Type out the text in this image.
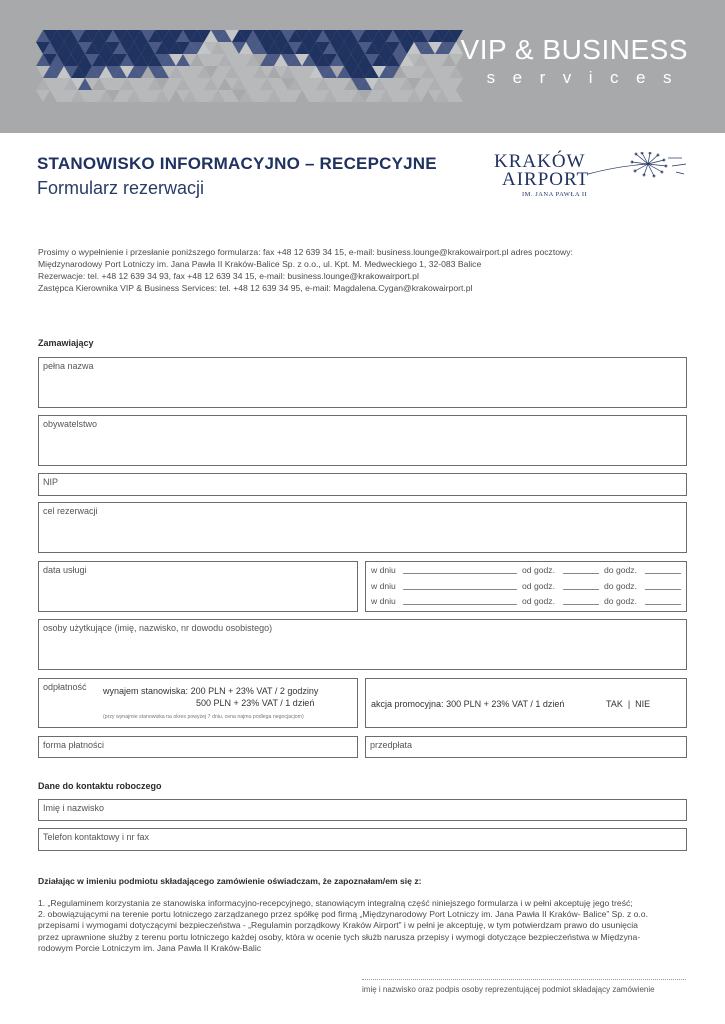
VIP & BUSINESS
services
STANOWISKO INFORMACYJNO – RECEPCYJNE
Formularz rezerwacji
KRAKÓW
AIRPORT
IM. JANA PAWŁA II
Prosimy o wypełnienie i przesłanie poniższego formularza: fax +48 12 639 34 15, e-mail: business.lounge@krakowairport.pl adres pocztowy:
Międzynarodowy Port Lotniczy im. Jana Pawła II Kraków-Balice Sp. z o.o., ul. Kpt. M. Medweckiego 1, 32-083 Balice
Rezerwacje: tel. +48 12 639 34 93, fax +48 12 639 34 15, e-mail: business.lounge@krakowairport.pl
Zastępca Kierownika VIP & Business Services: tel. +48 12 639 34 95, e-mail: Magdalena.Cygan@krakowairport.pl
Zamawiający
pełna nazwa
obywatelstwo
NIP
cel rezerwacji
data usługi	w dniu	od godz.	do godz.
w dniu	od godz.	do godz.
w dniu	od godz.	do godz.
osoby użytkujące (imię, nazwisko, nr dowodu osobistego)
odpłatność wynajem stanowiska: 200 PLN + 23% VAT / 2 godziny
500 PLN + 23% VAT / 1 dzień
(przy wynajmie stanowiska na okres powyżej 7 dniu, cena najmu podlega negocjacjom)
akcja promocyjna: 300 PLN + 23% VAT / 1 dzień	TAK  |  NIE
forma płatności	przedpłata
Dane do kontaktu roboczego
Imię i nazwisko
Telefon kontaktowy i nr fax
Działając w imieniu podmiotu składającego zamówienie oświadczam, że zapoznałam/em się z:
1. „Regulaminem korzystania ze stanowiska informacyjno-recepcyjnego, stanowiącym integralną część niniejszego formularza i w pełni akceptuję jego treść;
2. obowiązującymi na terenie portu lotniczego zarządzanego przez spółkę pod firmą „Międzynarodowy Port Lotniczy im. Jana Pawła II Kraków- Balice” Sp. z o.o.
przepisami i wymogami dotyczącymi bezpieczeństwa - „Regulamin porządkowy Kraków Airport” i w pełni je akceptuję, w tym potwierdzam prawo do usunięcia
przez uprawnione służby z terenu portu lotniczego każdej osoby, która w ocenie tych służb narusza przepisy i wymogi dotyczące bezpieczeństwa w Międzyna-
rodowym Porcie Lotniczym im. Jana Pawła II Kraków-Balic
imię i nazwisko oraz podpis osoby reprezentującej podmiot składający zamówienie
